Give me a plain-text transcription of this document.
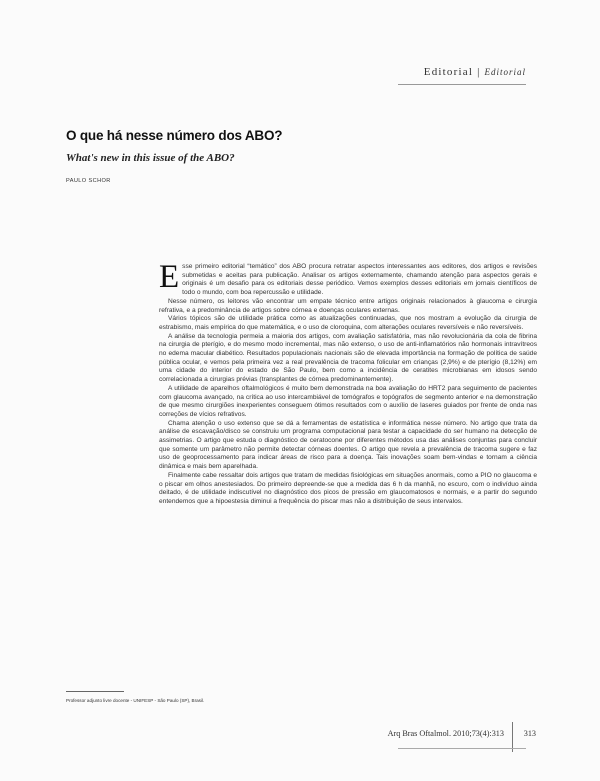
Editorial | Editorial
O que há nesse número dos ABO?
What's new in this issue of the ABO?
PAULO SCHOR

Esse primeiro editorial “temático” dos ABO procura retratar aspectos interessantes aos editores, dos artigos e revisões submetidas e aceitas para publicação. Analisar os artigos externamente, chamando atenção para aspectos gerais e originais é um desafio para os editoriais desse periódico. Vemos exemplos desses editoriais em jornais científicos de todo o mundo, com boa repercussão e utilidade.

Nesse número, os leitores vão encontrar um empate técnico entre artigos originais relacionados à glaucoma e cirurgia refrativa, e a predominância de artigos sobre córnea e doenças oculares externas.

Vários tópicos são de utilidade prática como as atualizações continuadas, que nos mostram a evolução da cirurgia de estrabismo, mais empírica do que matemática, e o uso de cloroquina, com alterações oculares reversíveis e não reversíveis.

A análise da tecnologia permeia a maioria dos artigos, com avaliação satisfatória, mas não revolucionária da cola de fibrina na cirurgia de pterígio, e do mesmo modo incremental, mas não extenso, o uso de anti-inflamatórios não hormonais intravítreos no edema macular diabético. Resultados populacionais nacionais são de elevada importância na formação de política de saúde pública ocular, e vemos pela primeira vez a real prevalência de tracoma folicular em crianças (2,9%) e de pterígio (8,12%) em uma cidade do interior do estado de São Paulo, bem como a incidência de ceratites microbianas em idosos sendo correlacionada a cirurgias prévias (transplantes de córnea predominantemente).

A utilidade de aparelhos oftalmológicos é muito bem demonstrada na boa avaliação do HRT2 para seguimento de pacientes com glaucoma avançado, na crítica ao uso intercambiável de tomógrafos e topógrafos de segmento anterior e na demonstração de que mesmo cirurgiões inexperientes conseguem ótimos resultados com o auxílio de laseres guiados por frente de onda nas correções de vícios refrativos.

Chama atenção o uso extenso que se dá a ferramentas de estatística e informática nesse número. No artigo que trata da análise de escavação/disco se construiu um programa computacional para testar a capacidade do ser humano na detecção de assimetrias. O artigo que estuda o diagnóstico de ceratocone por diferentes métodos usa das análises conjuntas para concluir que somente um parâmetro não permite detectar córneas doentes. O artigo que revela a prevalência de tracoma sugere e faz uso de geoprocessamento para indicar áreas de risco para a doença. Tais inovações soam bem-vindas e tornam a ciência dinâmica e mais bem aparelhada.

Finalmente cabe ressaltar dois artigos que tratam de medidas fisiológicas em situações anormais, como a PIO no glaucoma e o piscar em olhos anestesiados. Do primeiro depreende-se que a medida das 6 h da manhã, no escuro, com o indivíduo ainda deitado, é de utilidade indiscutível no diagnóstico dos picos de pressão em glaucomatosos e normais, e a partir do segundo entendemos que a hipoestesia diminui a frequência do piscar mas não a distribuição de seus intervalos.

Professor adjunto livre docente - UNIFESP - São Paulo (SP), Brasil.
Arq Bras Oftalmol. 2010;73(4):313 313
